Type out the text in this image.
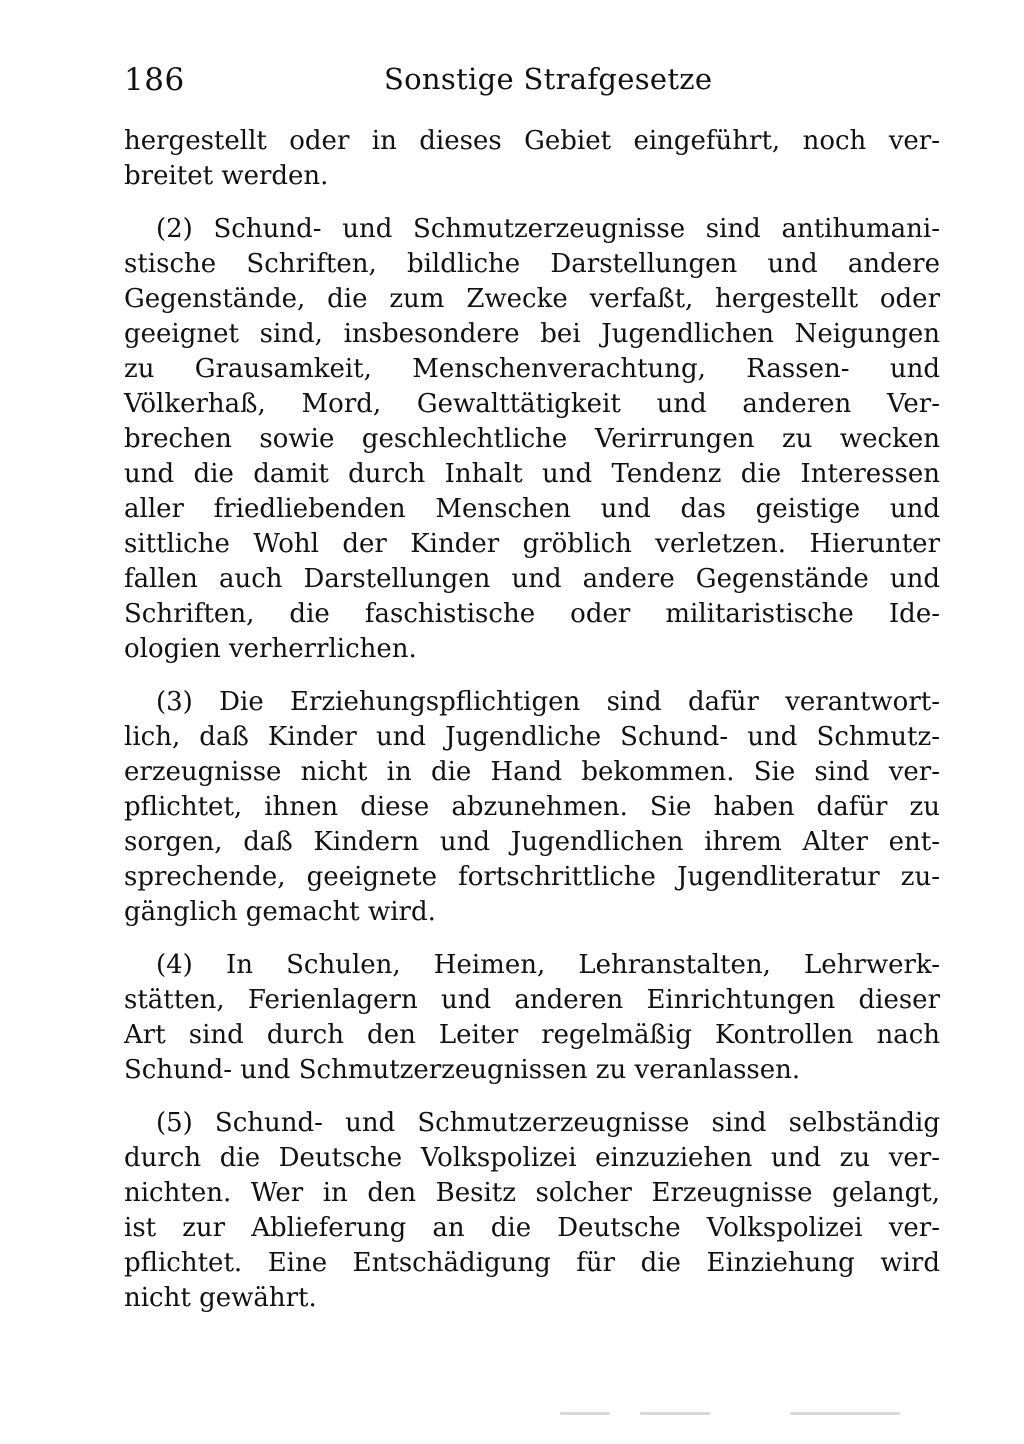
186	Sonstige Strafgesetze
hergestellt oder in dieses Gebiet eingeführt, noch ver-
breitet werden.
(2) Schund- und Schmutzerzeugnisse sind antihumani-
stische Schriften, bildliche Darstellungen und andere
Gegenstände, die zum Zwecke verfaßt, hergestellt oder
geeignet sind, insbesondere bei Jugendlichen Neigungen
zu Grausamkeit, Menschenverachtung, Rassen- und
Völkerhaß, Mord, Gewalttätigkeit und anderen Ver-
brechen sowie geschlechtliche Verirrungen zu wecken
und die damit durch Inhalt und Tendenz die Interessen
aller friedliebenden Menschen und das geistige und
sittliche Wohl der Kinder gröblich verletzen. Hierunter
fallen auch Darstellungen und andere Gegenstände und
Schriften, die faschistische oder militaristische Ide-
ologien verherrlichen.
(3) Die Erziehungspflichtigen sind dafür verantwort-
lich, daß Kinder und Jugendliche Schund- und Schmutz-
erzeugnisse nicht in die Hand bekommen. Sie sind ver-
pflichtet, ihnen diese abzunehmen. Sie haben dafür zu
sorgen, daß Kindern und Jugendlichen ihrem Alter ent-
sprechende, geeignete fortschrittliche Jugendliteratur zu-
gänglich gemacht wird.
(4) In Schulen, Heimen, Lehranstalten, Lehrwerk-
stätten, Ferienlagern und anderen Einrichtungen dieser
Art sind durch den Leiter regelmäßig Kontrollen nach
Schund- und Schmutzerzeugnissen zu veranlassen.
(5) Schund- und Schmutzerzeugnisse sind selbständig
durch die Deutsche Volkspolizei einzuziehen und zu ver-
nichten. Wer in den Besitz solcher Erzeugnisse gelangt,
ist zur Ablieferung an die Deutsche Volkspolizei ver-
pflichtet. Eine Entschädigung für die Einziehung wird
nicht gewährt.
